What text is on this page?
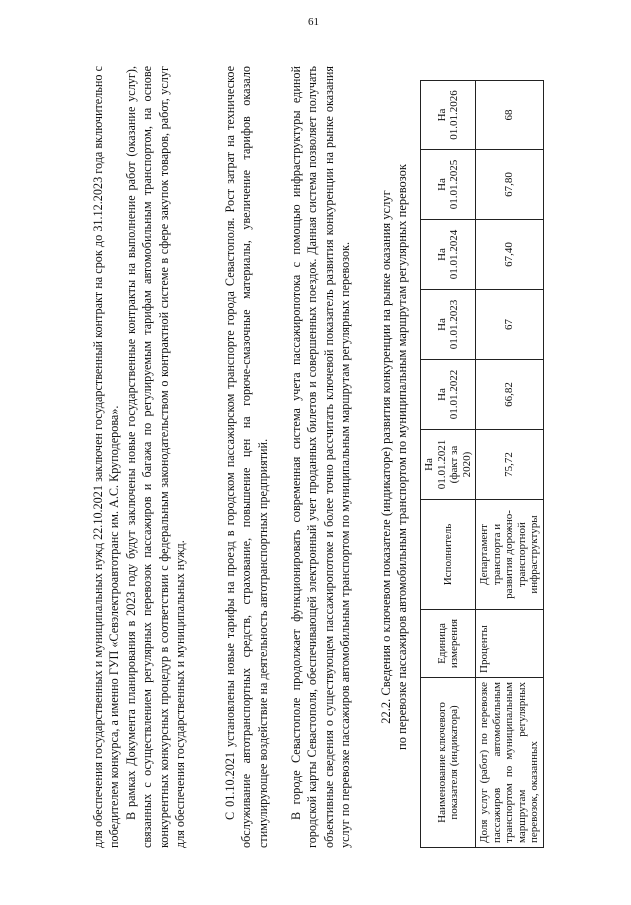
61

для обеспечения государственных и муниципальных нужд 22.10.2021 заключен государственный контракт на срок до 31.12.2023 года включительно с победителем конкурса, а именно ГУП «Севэлектроавтотранс им. А.С. Круподерова». В рамках Документа планирования в 2023 году будут заключены новые государственные контракты на выполнение работ (оказание услуг), связанных с осуществлением регулярных перевозок пассажиров и багажа по регулируемым тарифам автомобильным транспортом, на основе конкурентных конкурсных процедур в соответствии с федеральным законодательством о контрактной системе в сфере закупок товаров, работ, услуг для обеспечения государственных и муниципальных нужд.	С 01.10.2021 установлены новые тарифы на проезд в городском пассажирском транспорте города Севастополя. Рост затрат на техническое обслуживание автотранспортных средств, страхование, повышение цен на горюче-смазочные материалы, увеличение тарифов оказало стимулирующее воздействие на деятельность автотранспортных предприятий. В городе Севастополе продолжает функционировать современная система учета пассажиропотока с помощью инфраструктуры единой городской карты Севастополя, обеспечивающей электронный учет проданных билетов и совершенных поездок. Данная система позволяет получать объективные сведения о существующем пассажиропотоке и более точно рассчитать ключевой показатель развития конкуренции на рынке оказания услуг по перевозке пассажиров автомобильным транспортом по муниципальным маршрутам регулярных перевозок. 22.2. Сведения о ключевом показателе (индикаторе) развития конкуренции на рынке оказания услуг по перевозке пассажиров автомобильным транспортом по муниципальным маршрутам регулярных перевозок
Наименование ключевого показателя (индикатора)	Единица измерения	Исполнитель	На 01.01.2021 (факт за 2020)	На 01.01.2022	На 01.01.2023	На 01.01.2024	На 01.01.2025	На 01.01.2026
Доля услуг (работ) по перевозке пассажиров автомобильным транспортом по муниципальным маршрутам регулярных перевозок, оказанных	Проценты	Департамент транспорта и развития дорожно-транспортной инфраструктуры	75,72	66,82	67	67,40	67,80	68
